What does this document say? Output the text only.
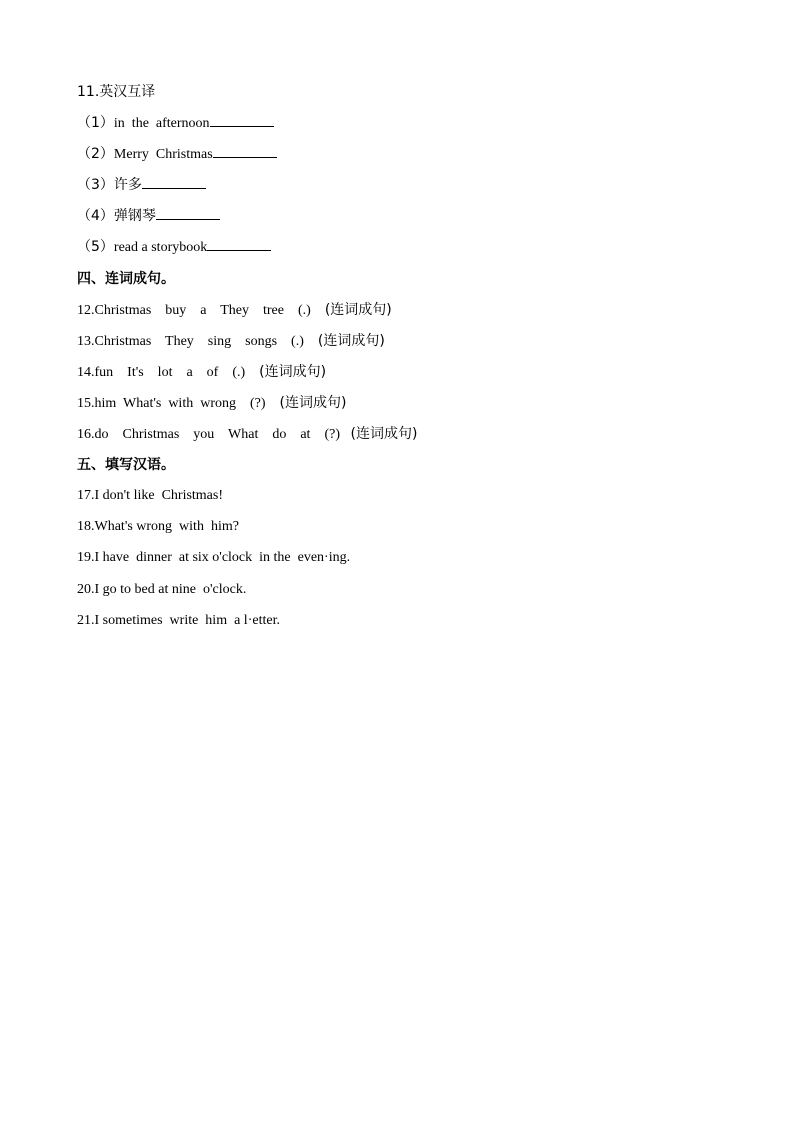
11.英汉互译
（1）in  the  afternoon
（2）Merry  Christmas
（3）许多
（4）弹钢琴
（5）read a storybook
四、连词成句。
12.Christmas    buy    a    They    tree    (.)    (连词成句)
13.Christmas    They    sing    songs    (.)    (连词成句)
14.fun    It's    lot    a    of    (.)    (连词成句)
15.him  What's  with  wrong    (?)    (连词成句)
16.do    Christmas    you    What    do    at    (?)   (连词成句)
五、填写汉语。
17.I don't like  Christmas!
18.What's wrong  with  him?
19.I have  dinner  at six o'clock  in the  even·ing.
20.I go to bed at nine  o'clock.
21.I sometimes  write  him  a l·etter.
